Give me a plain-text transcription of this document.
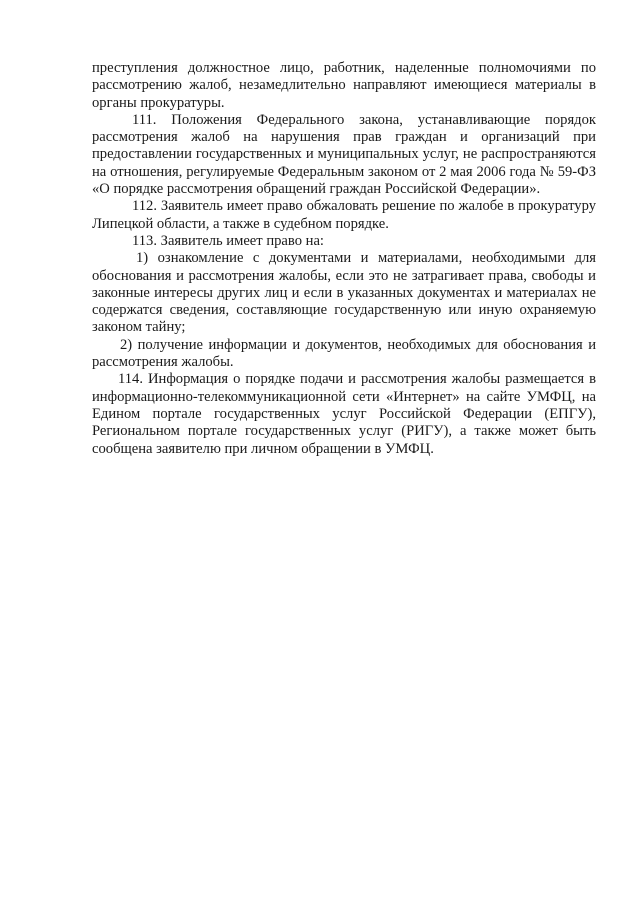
преступления должностное лицо, работник, наделенные полномочиями по рассмотрению жалоб, незамедлительно направляют имеющиеся материалы в органы прокуратуры.

111. Положения Федерального закона, устанавливающие порядок рассмотрения жалоб на нарушения прав граждан и организаций при предоставлении государственных и муниципальных услуг, не распространяются на отношения, регулируемые Федеральным законом от 2 мая 2006 года № 59-ФЗ «О порядке рассмотрения обращений граждан Российской Федерации».

112. Заявитель имеет право обжаловать решение по жалобе в прокуратуру Липецкой области, а также в судебном порядке.

113. Заявитель имеет право на:

1) ознакомление с документами и материалами, необходимыми для обоснования и рассмотрения жалобы, если это не затрагивает права, свободы и законные интересы других лиц и если в указанных документах и материалах не содержатся сведения, составляющие государственную или иную охраняемую законом тайну;

2) получение информации и документов, необходимых для обоснования и рассмотрения жалобы.

114. Информация о порядке подачи и рассмотрения жалобы размещается в информационно-телекоммуникационной сети «Интернет» на сайте УМФЦ, на Едином портале государственных услуг Российской Федерации (ЕПГУ), Региональном портале государственных услуг (РИГУ), а также может быть сообщена заявителю при личном обращении в УМФЦ.
